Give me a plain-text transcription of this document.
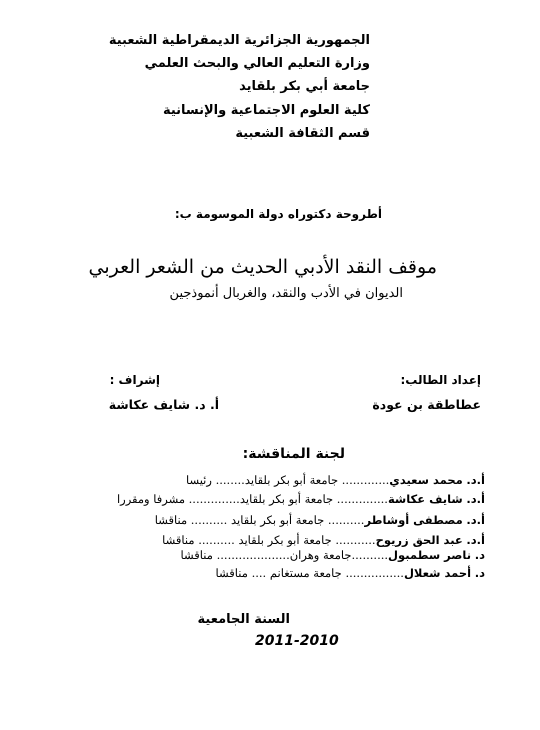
الجمهورية الجزائرية الديمقراطية الشعبية
وزارة التعليم العالي والبحث العلمي
جامعة أبي بكر بلقايد
كلية العلوم الاجتماعية والإنسانية
قسم الثقافة الشعبية
أطروحة دكتوراه دولة الموسومة ب:
موقف النقد الأدبي الحديث من الشعر العربي
الديوان في الأدب والنقد، والغربال أنموذجين
إعداد الطالب:
عطاطقة بن عودة
إشراف :
أ. د. شايف عكاشة
لجنة المناقشة:
أ.د. محمد سعيدي............. جامعة أبو بكر بلقايد........ رئيسا
أ.د. شايف عكاشة.............. جامعة أبو بكر بلقايد.............. مشرفا ومقررا
أ.د. مصطفى أوشاطر.......... جامعة أبو بكر بلقايد .......... مناقشا
أ.د. عبد الحق زريوح........... جامعة أبو بكر بلقايد .......... مناقشا
د. ناصر سطمبول..........جامعة وهران.................... مناقشا
د. أحمد شعلال................ جامعة مستغانم .... مناقشا
السنة الجامعية
2011-2010
